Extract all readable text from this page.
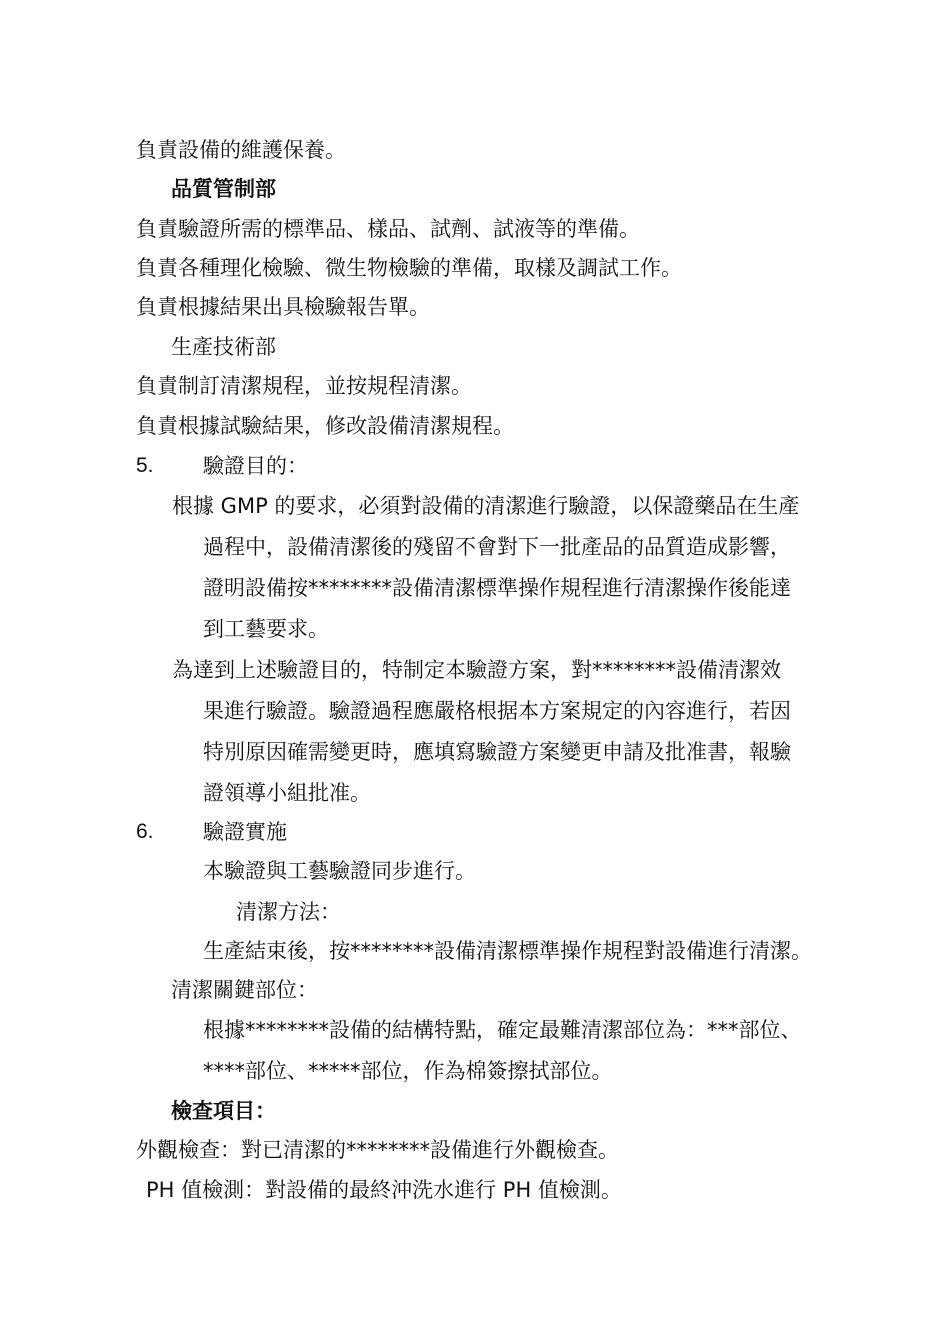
負責設備的維護保養。
品質管制部
負責驗證所需的標準品、樣品、試劑、試液等的準備。
負責各種理化檢驗、微生物檢驗的準備，取樣及調試工作。
負責根據結果出具檢驗報告單。
生產技術部
負責制訂清潔規程，並按規程清潔。
負責根據試驗結果，修改設備清潔規程。
5. 驗證目的：
根據 GMP 的要求，必須對設備的清潔進行驗證，以保證藥品在生產
過程中，設備清潔後的殘留不會對下一批產品的品質造成影響，
證明設備按********設備清潔標準操作規程進行清潔操作後能達
到工藝要求。
為達到上述驗證目的，特制定本驗證方案，對********設備清潔效
果進行驗證。驗證過程應嚴格根据本方案規定的內容進行，若因
特別原因確需變更時，應填寫驗證方案變更申請及批准書，報驗
證領導小組批准。
6. 驗證實施
本驗證與工藝驗證同步進行。
清潔方法：
生產結束後，按********設備清潔標準操作規程對設備進行清潔。
清潔關鍵部位：
根據********設備的結構特點，確定最難清潔部位為：***部位、
****部位、*****部位，作為棉簽擦拭部位。
檢查項目：
外觀檢查：對已清潔的********設備進行外觀檢查。
PH 值檢測：對設備的最終沖洗水進行 PH 值檢測。
